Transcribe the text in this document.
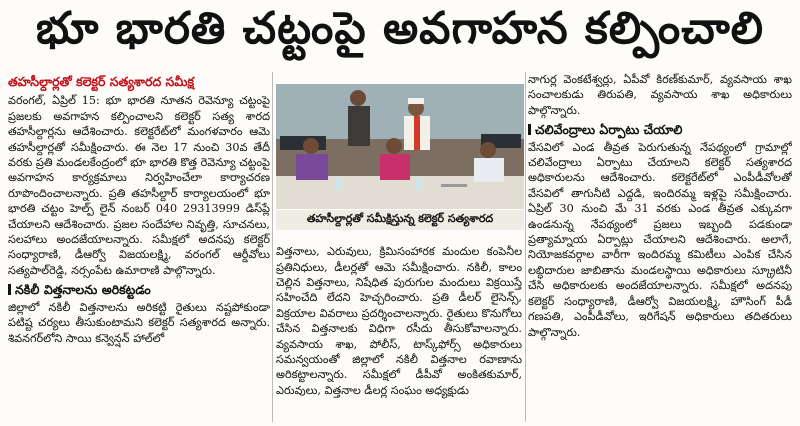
భూ భారతి చట్టంపై అవగాహన కల్పించాలి
తహసీల్దార్లతో కలెక్టర్‌ సత్యశారద సమీక్ష

వరంగల్‌, ఏప్రిల్‌ 15: భూ భారతి నూతన రెవెన్యూ చట్టంపై ప్రజలకు అవగాహన కల్పించాలని కలెక్టర్‌ సత్య శారద తహసీల్దార్లను ఆదేశించారు. కలెక్టరేట్‌లో మంగళవారం ఆమె తహసీల్దార్లతో సమీక్షించారు. ఈ నెల 17 నుంచి 30వ తేదీ వరకు ప్రతి మండలకేంద్రంలో భూ భారతి కొత్త రెవెన్యూ చట్టంపై అవగాహన కార్యక్రమాలు నిర్వహించేలా కార్యాచరణ రూపొందించాలన్నారు. ప్రతి తహసీల్దార్‌ కార్యాలయంలో భూ భారతి చట్టం హెల్ప్‌ లైన్‌ నంబర్‌ 040 29313999 డిస్‌ప్లే చేయాలని ఆదేశించారు. ప్రజల సందేహాల నివృత్తి, సూచనలు, సలహాలు అందజేయాలన్నారు. సమీక్షలో అదనపు కలెక్టర్‌ సంధ్యారాణి, డీఆర్వో విజయలక్ష్మి, వరంగల్‌ ఆర్డీవోలు సత్యపాల్‌రెడ్డి, నర్సంపేట ఉమారాణి పాల్గొన్నారు.

నకిలీ విత్తనాలను అరికట్టడం

జిల్లాలో నకిలీ విత్తనాలను అరికట్టి రైతులు నష్టపోకుండా పటిష్ట చర్యలు తీసుకుంటామని కలెక్టర్‌ సత్యశారద అన్నారు. శివనగర్‌లోని సాయి కన్వెన్షన్‌ హాల్‌లో

తహసీల్దార్లతో సమీక్షిస్తున్న కలెక్టర్‌ సత్యశారద

విత్తనాలు, ఎరువులు, క్రిమిసంహారక మందుల కంపెనీల ప్రతినిధులు, డీలర్లతో ఆమె సమీక్షించారు. నకిలీ, కాలం చెల్లిన విత్తనాలు, నిషేధిత పురుగుల మందులు విక్రయిస్తే సహించేది లేదని హెచ్చరించారు. ప్రతి డీలర్‌ లైసెన్స్‌, విక్రయాల వివరాలు ప్రదర్శించాలన్నారు. రైతులు కొనుగోలు చేసిన విత్తనాలకు విధిగా రసీదు తీసుకోవాలన్నారు. వ్యవసాయ శాఖ, పోలీస్‌, టాస్క్‌ఫోర్స్‌ అధికారులు సమన్వయంతో జిల్లాలో నకిలీ విత్తనాల రవాణాను అరికట్టాలన్నారు. సమీక్షలో డీపీవో అంకితకుమార్‌, ఎరువులు, విత్తనాల డీలర్ల సంఘం అధ్యక్షుడు

నాగుర్ల వెంకటేశ్వర్లు, ఏపీవో కిరణ్‌కుమార్‌, వ్యవసాయ శాఖ సంచాలకుడు తిరుపతి, వ్యవసాయ శాఖ అధికారులు పాల్గొన్నారు.

చలివేంద్రాలు ఏర్పాటు చేయాలి

వేసవిలో ఎండ తీవ్రత పెరుగుతున్న నేపథ్యంలో గ్రామాల్లో చలివేంద్రాలు ఏర్పాటు చేయాలని కలెక్టర్‌ సత్యశారద అధికారులను ఆదేశించారు. కలెక్టరేట్‌లో ఎంపీడీవోలతో వేసవిలో తాగునీటి ఎద్దడి, ఇందిరమ్మ ఇళ్లపై సమీక్షించారు. ఏప్రిల్‌ 30 నుంచి మే 31 వరకు ఎండ తీవ్రత ఎక్కువగా ఉండనున్న నేపథ్యంలో ప్రజలు ఇబ్బంది పడకుండా ప్రత్యామ్నాయ ఏర్పాట్లు చేయాలని ఆదేశించారు. అలాగే, నియోజకవర్గాల వారీగా ఇందిరమ్మ కమిటీలు ఎంపిక చేసిన లబ్ధిదారుల జాబితాను మండలస్థాయి అధికారులు స్క్రూటినీ చేసి అధికారులకు అందజేయాలన్నారు. సమీక్షలో అదనపు కలెక్టర్‌ సంధ్యారాణి, డీఆర్వో విజయలక్ష్మి, హౌసింగ్‌ పీడీ గణపతి, ఎంపీడీవోలు, ఇరిగేషన్‌ అధికారులు తదితరులు పాల్గొన్నారు.
